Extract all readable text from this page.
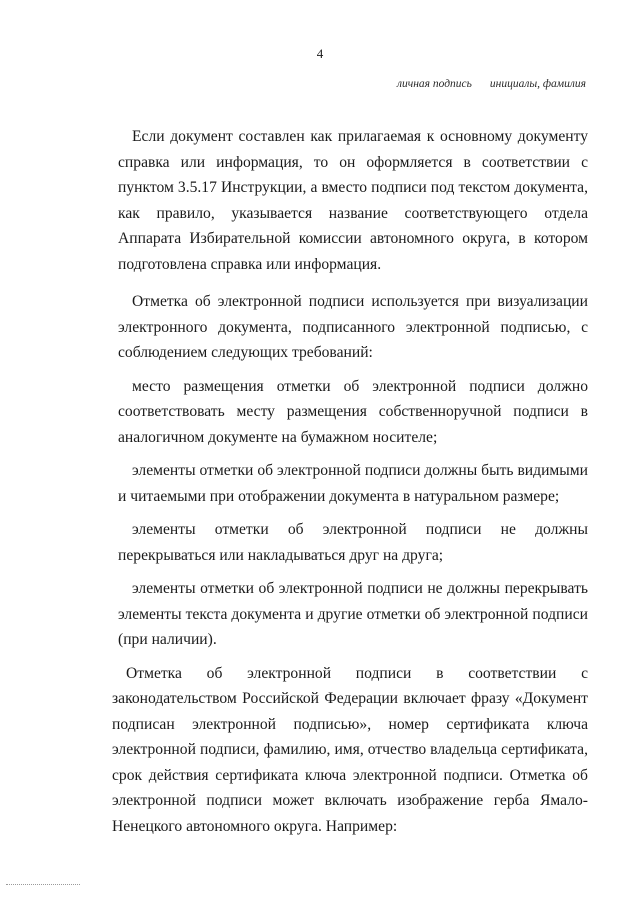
4
личная подпись инициалы, фамилия

Если документ составлен как прилагаемая к основному документу справка или информация, то он оформляется в соответствии с пунктом 3.5.17 Инструкции, а вместо подписи под текстом документа, как правило, указывается название соответствующего отдела Аппарата Избирательной комиссии автономного округа, в котором подготовлена справка или информация.

Отметка об электронной подписи используется при визуализации электронного документа, подписанного электронной подписью, с соблюдением следующих требований:

место размещения отметки об электронной подписи должно соответствовать месту размещения собственноручной подписи в аналогичном документе на бумажном носителе;

элементы отметки об электронной подписи должны быть видимыми и читаемыми при отображении документа в натуральном размере;

элементы отметки об электронной подписи не должны перекрываться или накладываться друг на друга;

элементы отметки об электронной подписи не должны перекрывать элементы текста документа и другие отметки об электронной подписи (при наличии).

Отметка об электронной подписи в соответствии с законодательством Российской Федерации включает фразу «Документ подписан электронной подписью», номер сертификата ключа электронной подписи, фамилию, имя, отчество владельца сертификата, срок действия сертификата ключа электронной подписи. Отметка об электронной подписи может включать изображение герба Ямало-Ненецкого автономного округа. Например:
